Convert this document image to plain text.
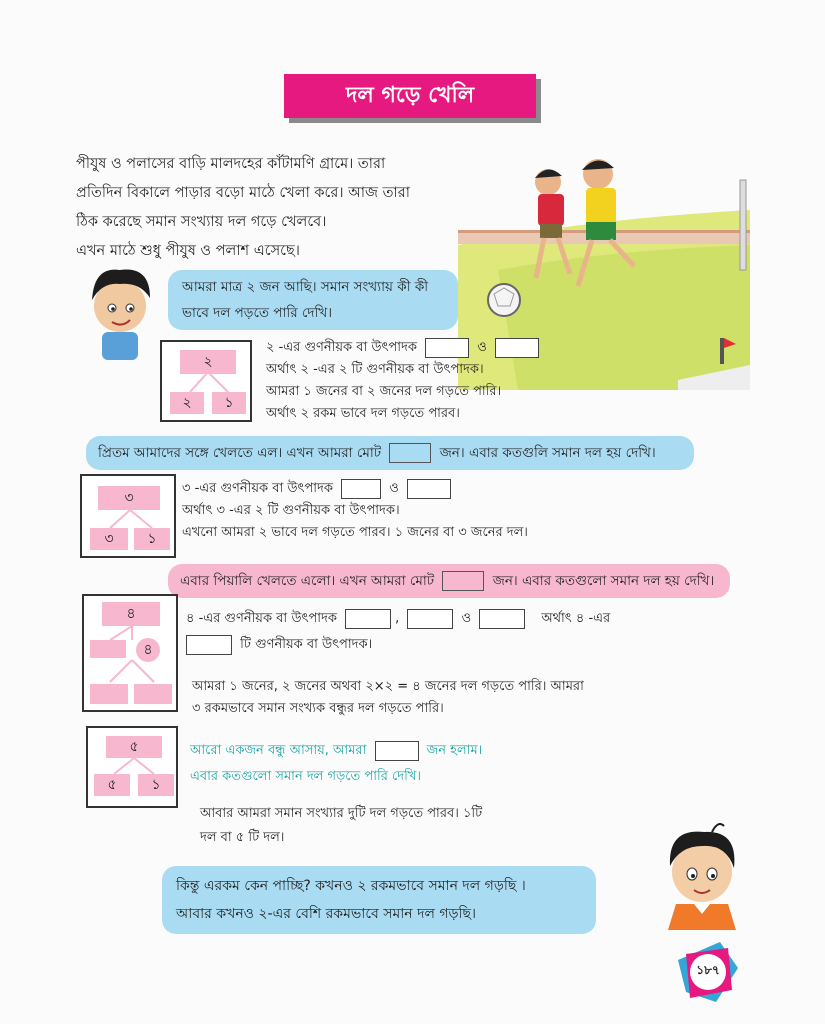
দল গড়ে খেলি
পীযুষ ও পলাসের বাড়ি মালদহের কাঁটামণি গ্রামে। তারা
প্রতিদিন বিকালে পাড়ার বড়ো মাঠে খেলা করে। আজ তারা
ঠিক করেছে সমান সংখ্যায় দল গড়ে খেলবে।
এখন মাঠে শুধু পীযুষ ও পলাশ এসেছে।
আমরা মাত্র ২ জন আছি। সমান সংখ্যায় কী কী
ভাবে দল পড়তে পারি দেখি।
২
২	১
২ -এর গুণনীয়ক বা উৎপাদক	ও
অর্থাৎ ২ -এর ২ টি গুণনীয়ক বা উৎপাদক।
আমরা ১ জনের বা ২ জনের দল গড়তে পারি।
অর্থাৎ ২ রকম ভাবে দল গড়তে পারব।
প্রিতম আমাদের সঙ্গে খেলতে এল। এখন আমরা মোট	জন। এবার কতগুলি সমান দল হয় দেখি।
৩
৩	১
৩ -এর গুণনীয়ক বা উৎপাদক	ও
অর্থাৎ ৩ -এর ২ টি গুণনীয়ক বা উৎপাদক।
এখনো আমরা ২ ভাবে দল গড়তে পারব। ১ জনের বা ৩ জনের দল।
এবার পিয়ালি খেলতে এলো। এখন আমরা মোট	জন। এবার কতগুলো সমান দল হয় দেখি।
৪
৪
৪ -এর গুণনীয়ক বা উৎপাদক	,	ও	অর্থাৎ ৪ -এর
টি গুণনীয়ক বা উৎপাদক।
আমরা ১ জনের, ২ জনের অথবা ২×২ = ৪ জনের দল গড়তে পারি। আমরা
৩ রকমভাবে সমান সংখ্যক বন্ধুর দল গড়তে পারি।
৫
৫	১
আরো একজন বন্ধু আসায়, আমরা	জন হলাম।
এবার কতগুলো সমান দল গড়তে পারি দেখি।
আবার আমরা সমান সংখ্যার দুটি দল গড়তে পারব। ১টি
দল বা ৫ টি দল।
কিন্তু এরকম কেন পাচ্ছি? কখনও ২ রকমভাবে সমান দল গড়ছি ।
আবার কখনও ২-এর বেশি রকমভাবে সমান দল গড়ছি।
১৮৭
